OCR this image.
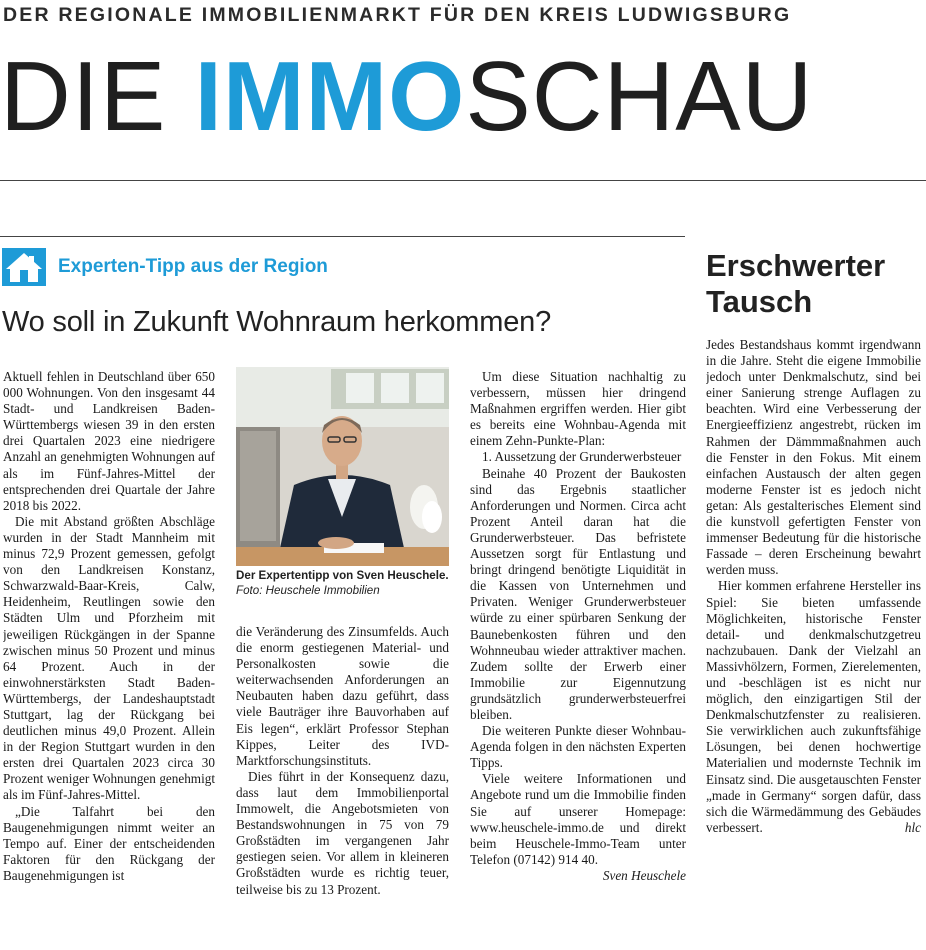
DER REGIONALE IMMOBILIENMARKT FÜR DEN KREIS LUDWIGSBURG
DIE IMMOSCHAU
Experten-Tipp aus der Region
Wo soll in Zukunft Wohnraum herkommen?

Aktuell fehlen in Deutschland über 650 000 Wohnungen. Von den insgesamt 44 Stadt- und Landkreisen Baden-Württembergs wiesen 39 in den ersten drei Quartalen 2023 eine niedrigere Anzahl an genehmigten Wohnungen auf als im Fünf-Jahres-Mittel der entsprechenden drei Quartale der Jahre 2018 bis 2022.

Die mit Abstand größten Abschläge wurden in der Stadt Mannheim mit minus 72,9 Prozent gemessen, gefolgt von den Landkreisen Konstanz, Schwarzwald-Baar-Kreis, Calw, Heidenheim, Reutlingen sowie den Städten Ulm und Pforzheim mit jeweiligen Rückgängen in der Spanne zwischen minus 50 Prozent und minus 64 Prozent. Auch in der einwohnerstärksten Stadt Baden-Württembergs, der Landeshauptstadt Stuttgart, lag der Rückgang bei deutlichen minus 49,0 Prozent. Allein in der Region Stuttgart wurden in den ersten drei Quartalen 2023 circa 30 Prozent weniger Wohnungen genehmigt als im Fünf-Jahres-Mittel.

„Die Talfahrt bei den Baugenehmigungen nimmt weiter an Tempo auf. Einer der entscheidenden Faktoren für den Rückgang der Baugenehmigungen ist

Der Expertentipp von Sven Heuschele. Foto: Heuschele Immobilien

die Veränderung des Zinsumfelds. Auch die enorm gestiegenen Material- und Personalkosten sowie die weiterwachsenden Anforderungen an Neubauten haben dazu geführt, dass viele Bauträger ihre Bauvorhaben auf Eis legen“, erklärt Professor Stephan Kippes, Leiter des IVD-Marktforschungsinstituts.

Dies führt in der Konsequenz dazu, dass laut dem Immobilienportal Immowelt, die Angebotsmieten von Bestandswohnungen in 75 von 79 Großstädten im vergangenen Jahr gestiegen seien. Vor allem in kleineren Großstädten wurde es richtig teuer, teilweise bis zu 13 Prozent.

Um diese Situation nachhaltig zu verbessern, müssen hier dringend Maßnahmen ergriffen werden. Hier gibt es bereits eine Wohnbau-Agenda mit einem Zehn-Punkte-Plan:

1. Aussetzung der Grunderwerbsteuer

Beinahe 40 Prozent der Baukosten sind das Ergebnis staatlicher Anforderungen und Normen. Circa acht Prozent Anteil daran hat die Grunderwerbsteuer. Das befristete Aussetzen sorgt für Entlastung und bringt dringend benötigte Liquidität in die Kassen von Unternehmen und Privaten. Weniger Grunderwerbsteuer würde zu einer spürbaren Senkung der Baunebenkosten führen und den Wohnneubau wieder attraktiver machen. Zudem sollte der Erwerb einer Immobilie zur Eigennutzung grundsätzlich grunderwerbsteuerfrei bleiben.

Die weiteren Punkte dieser Wohnbau-Agenda folgen in den nächsten Experten Tipps.

Viele weitere Informationen und Angebote rund um die Immobilie finden Sie auf unserer Homepage: www.heuschele-immo.de und direkt beim Heuschele-Immo-Team unter Telefon (07142) 914 40.
Sven Heuschele

Erschwerter Tausch

Jedes Bestandshaus kommt irgendwann in die Jahre. Steht die eigene Immobilie jedoch unter Denkmalschutz, sind bei einer Sanierung strenge Auflagen zu beachten. Wird eine Verbesserung der Energieeffizienz angestrebt, rücken im Rahmen der Dämmmaßnahmen auch die Fenster in den Fokus. Mit einem einfachen Austausch der alten gegen moderne Fenster ist es jedoch nicht getan: Als gestalterisches Element sind die kunstvoll gefertigten Fenster von immenser Bedeutung für die historische Fassade – deren Erscheinung bewahrt werden muss.

Hier kommen erfahrene Hersteller ins Spiel: Sie bieten umfassende Möglichkeiten, historische Fenster detail- und denkmalschutzgetreu nachzubauen. Dank der Vielzahl an Massivhölzern, Formen, Zierelementen, und -beschlägen ist es nicht nur möglich, den einzigartigen Stil der Denkmalschutzfenster zu realisieren. Sie verwirklichen auch zukunftsfähige Lösungen, bei denen hochwertige Materialien und modernste Technik im Einsatz sind. Die ausgetauschten Fenster „made in Germany“ sorgen dafür, dass sich die Wärmedämmung des Gebäudes verbessert.	hlc
